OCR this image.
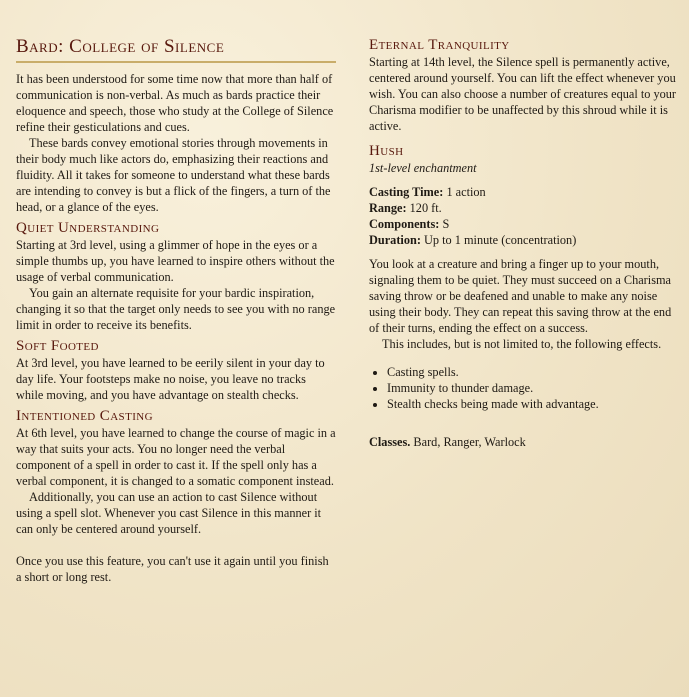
Bard: College of Silence

It has been understood for some time now that more than half of communication is non-verbal. As much as bards practice their eloquence and speech, those who study at the College of Silence refine their gesticulations and cues.

These bards convey emotional stories through movements in their body much like actors do, emphasizing their reactions and fluidity. All it takes for someone to understand what these bards are intending to convey is but a flick of the fingers, a turn of the head, or a glance of the eyes.

Quiet Understanding

Starting at 3rd level, using a glimmer of hope in the eyes or a simple thumbs up, you have learned to inspire others without the usage of verbal communication.

You gain an alternate requisite for your bardic inspiration, changing it so that the target only needs to see you with no range limit in order to receive its benefits.

Soft Footed

At 3rd level, you have learned to be eerily silent in your day to day life. Your footsteps make no noise, you leave no tracks while moving, and you have advantage on stealth checks.

Intentioned Casting

At 6th level, you have learned to change the course of magic in a way that suits your acts. You no longer need the verbal component of a spell in order to cast it. If the spell only has a verbal component, it is changed to a somatic component instead.

Additionally, you can use an action to cast Silence without using a spell slot. Whenever you cast Silence in this manner it can only be centered around yourself.

Once you use this feature, you can't use it again until you finish a short or long rest.

Eternal Tranquility

Starting at 14th level, the Silence spell is permanently active, centered around yourself. You can lift the effect whenever you wish. You can also choose a number of creatures equal to your Charisma modifier to be unaffected by this shroud while it is active.

Hush

1st-level enchantment

Casting Time: 1 action
Range: 120 ft.
Components: S
Duration: Up to 1 minute (concentration)

You look at a creature and bring a finger up to your mouth, signaling them to be quiet. They must succeed on a Charisma saving throw or be deafened and unable to make any noise using their body. They can repeat this saving throw at the end of their turns, ending the effect on a success.

This includes, but is not limited to, the following effects.

• Casting spells.
• Immunity to thunder damage.
• Stealth checks being made with advantage.

Classes. Bard, Ranger, Warlock
